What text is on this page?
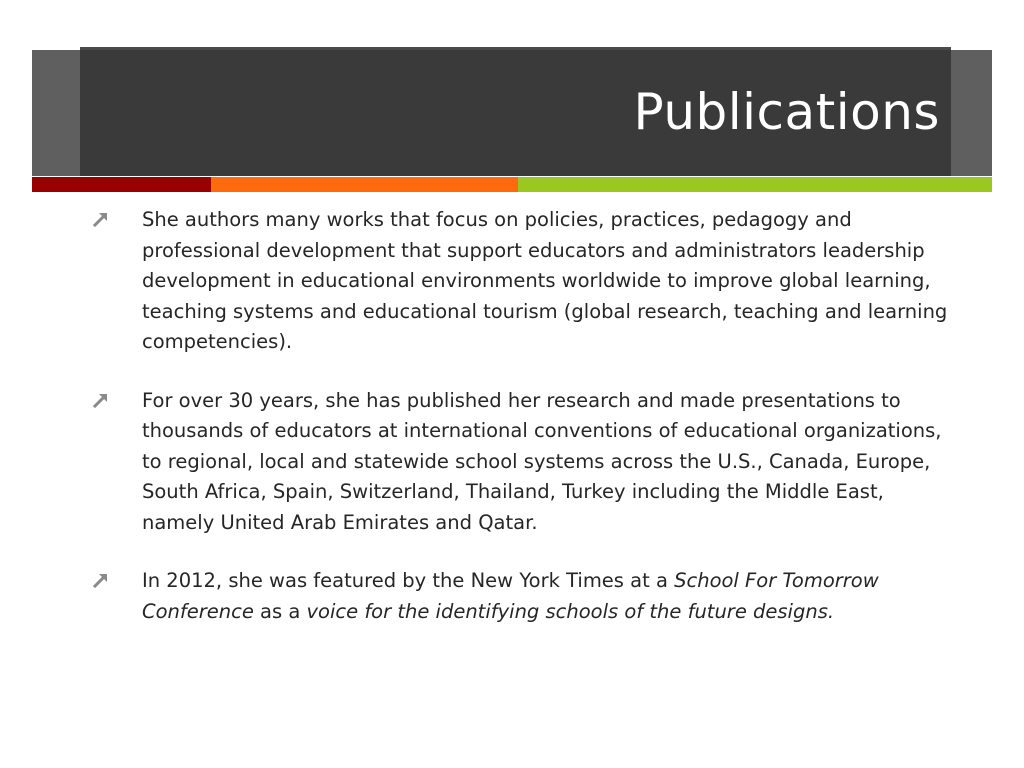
Publications
She authors many works that focus on policies, practices, pedagogy and professional development that support educators and administrators leadership development in educational environments worldwide to improve global learning, teaching systems and educational tourism (global research, teaching and learning competencies).
For over 30 years, she has published her research and made presentations to thousands of educators at international conventions of educational organizations, to regional, local and statewide school systems across the U.S., Canada, Europe, South Africa, Spain, Switzerland, Thailand, Turkey including the Middle East, namely United Arab Emirates and Qatar.
In 2012, she was featured by the New York Times at a School For Tomorrow Conference as a voice for the identifying schools of the future designs.
